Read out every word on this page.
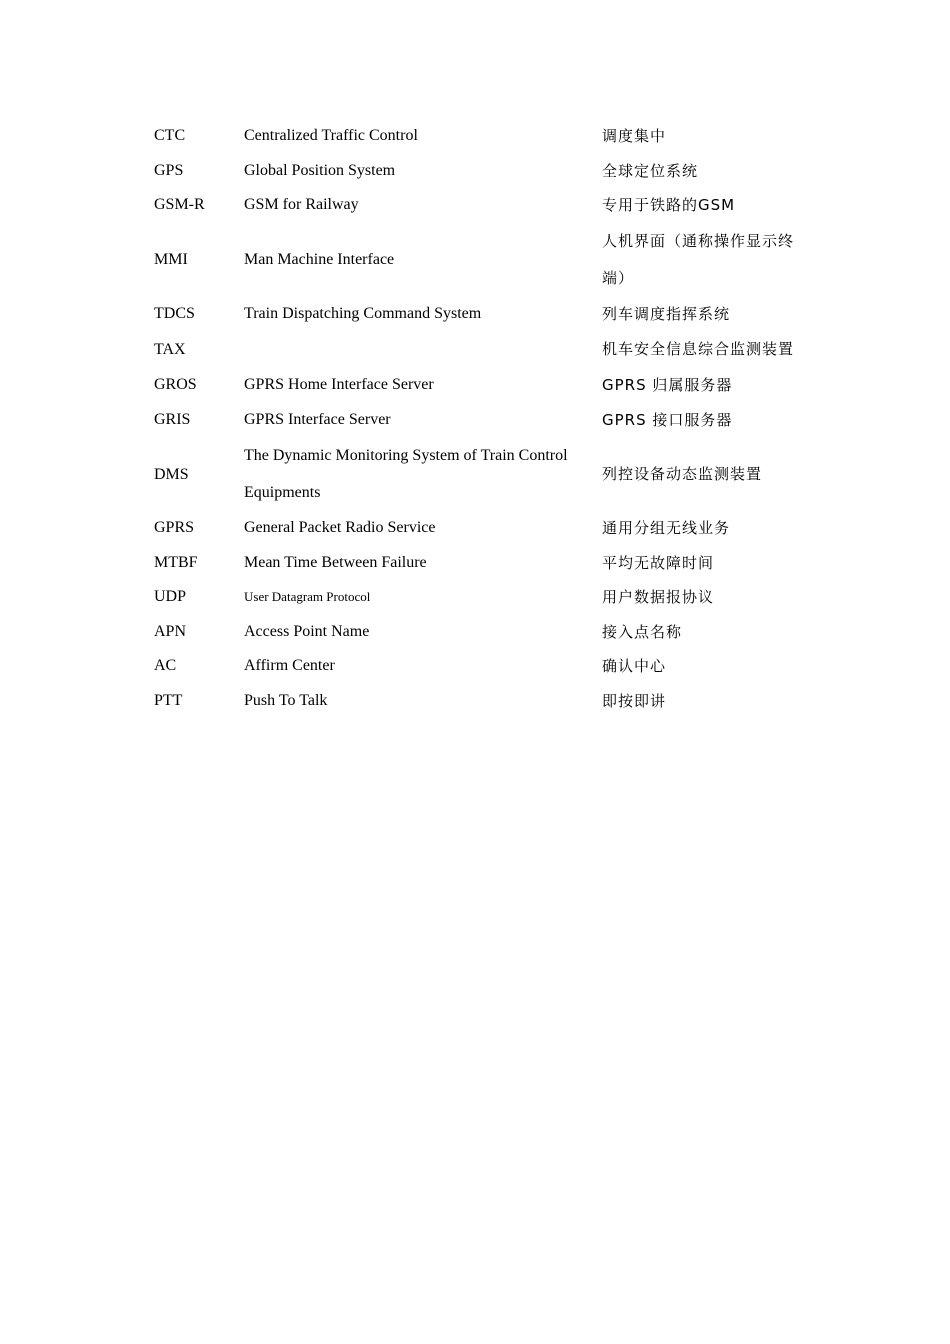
CTC	Centralized Traffic Control	调度集中
GPS	Global Position System	全球定位系统
GSM-R	GSM for Railway	专用于铁路的GSM
MMI	Man Machine Interface	人机界面（通称操作显示终端）
TDCS	Train Dispatching Command System	列车调度指挥系统
TAX		机车安全信息综合监测装置
GROS	GPRS Home Interface Server	GPRS 归属服务器
GRIS	GPRS Interface Server	GPRS 接口服务器
DMS	The Dynamic Monitoring System of Train Control Equipments	列控设备动态监测装置
GPRS	General Packet Radio Service	通用分组无线业务
MTBF	Mean Time Between Failure	平均无故障时间
UDP	User Datagram Protocol	用户数据报协议
APN	Access Point Name	接入点名称
AC	Affirm Center	确认中心
PTT	Push To Talk	即按即讲
